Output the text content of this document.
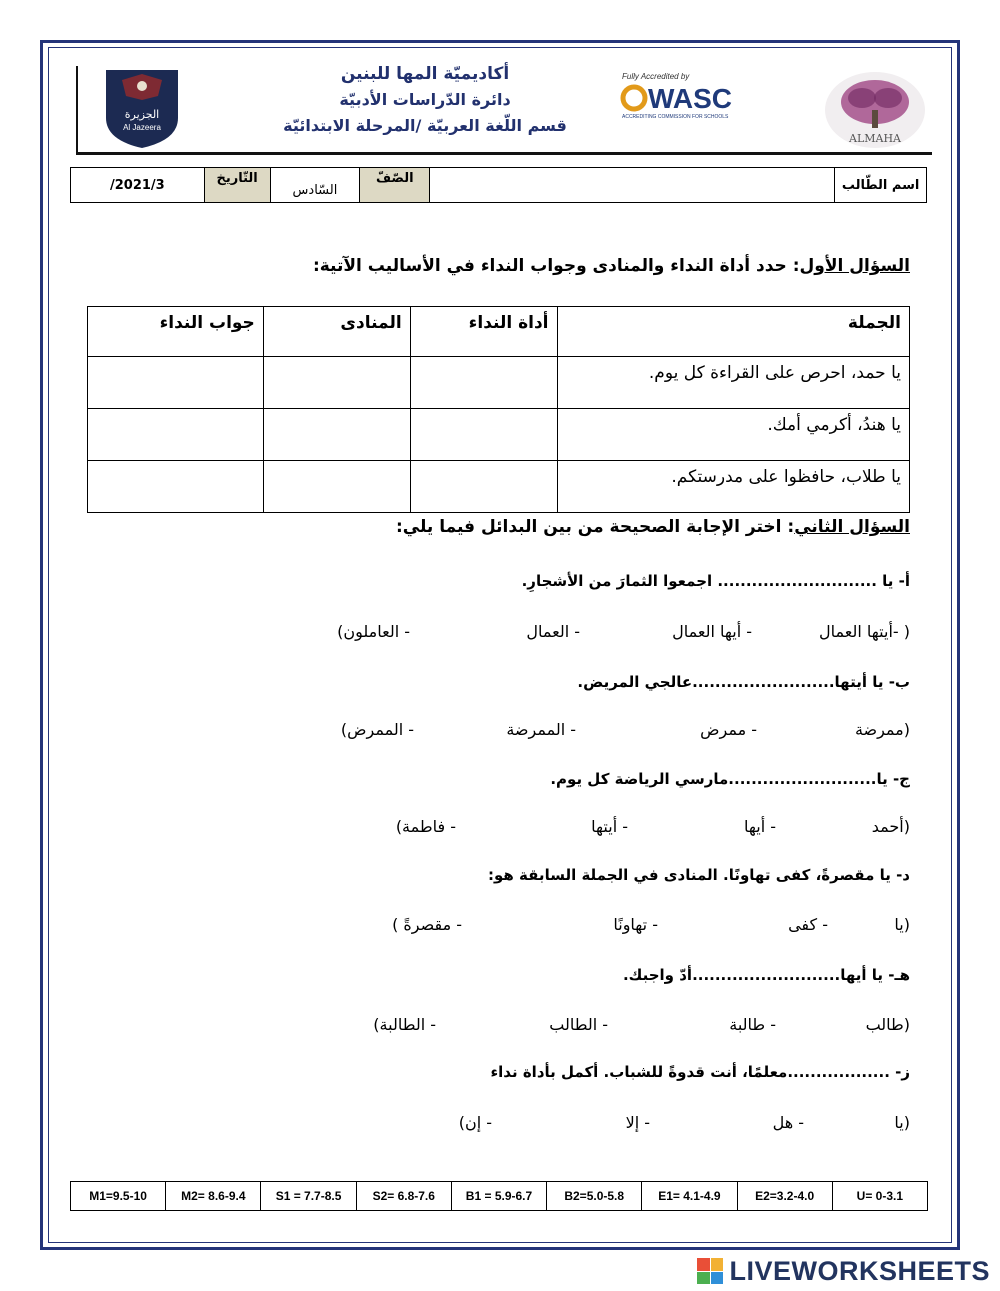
الجزيرة
Al Jazeera
أكاديميّة المها للبنين
دائرة الدّراسات الأدبيّة
قسم اللّغة العربيّة /المرحلة الابتدائيّة
Fully Accredited by
WASC
ACCREDITING COMMISSION FOR SCHOOLS
ALMAHA
اسم الطّالب
الصّفّ
السّادس
التّاريخ
2021/3/
السؤال الأول: حدد أداة النداء والمنادى وجواب النداء في الأساليب الآتية:
الجملة	أداة النداء	المنادى	جواب النداء
يا حمد، احرص على القراءة كل يوم.			
يا هندُ، أكرمي أمك.			
يا طلاب، حافظوا على مدرستكم.			
السؤال الثاني: اختر الإجابة الصحيحة من بين البدائل فيما يلي:
أ- يا ............................ اجمعوا الثمارَ من الأشجارِ.
( -أيتها العمال
- أيها العمال
- العمال
- العاملون)
ب- يا أيتها.........................عالجي المريض.
(ممرضة
- ممرض
- الممرضة
- الممرض)
ج- يا..........................مارسي الرياضة كل يوم.
(أحمد
- أيها
- أيتها
- فاطمة)
د- يا مقصرةً، كفى تهاونًا. المنادى في الجملة السابقة هو:
(يا
- كفى
- تهاونًا
- مقصرةً )
هـ- يا أيها..........................أدّ واجبك.
(طالب
- طالبة
- الطالب
- الطالبة)
ز- ..................معلمًا، أنت قدوةً للشباب. أكمل بأداة نداء
(يا
- هل
- إلا
- إن)
M1=9.5-10	M2= 8.6-9.4	S1 = 7.7-8.5	S2= 6.8-7.6	B1 = 5.9-6.7	B2=5.0-5.8	E1= 4.1-4.9	E2=3.2-4.0	U= 0-3.1
LIVEWORKSHEETS
